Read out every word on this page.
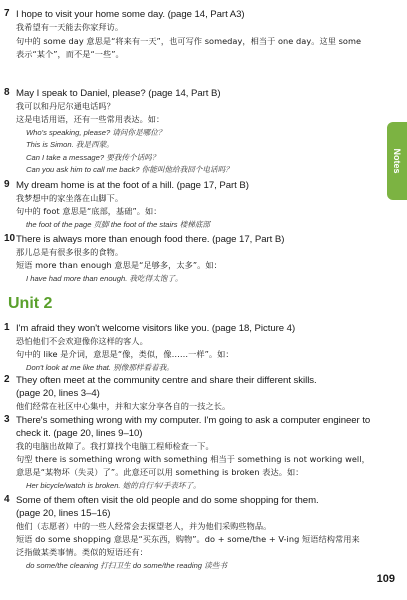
7 I hope to visit your home some day. (page 14, Part A3)
我希望有一天能去你家拜访。
句中的 some day 意思是“将来有一天”，也可写作 someday，相当于 one day。这里 some
表示“某个”，而不是“一些”。
8 May I speak to Daniel, please? (page 14, Part B)
我可以和丹尼尔通电话吗？
这是电话用语，还有一些常用表达。如：
Who's speaking, please? 请问你是哪位？
This is Simon. 我是西蒙。
Can I take a message? 要我传个话吗？
Can you ask him to call me back? 你能叫他给我回个电话吗？
9 My dream home is at the foot of a hill. (page 17, Part B)
我梦想中的家坐落在山脚下。
句中的 foot 意思是“底部，基础”。如：
the foot of the page 页脚 the foot of the stairs 楼梯底部
10 There is always more than enough food there. (page 17, Part B)
那儿总是有很多很多的食物。
短语 more than enough 意思是“足够多，太多”。如：
I have had more than enough. 我吃得太饱了。
Unit 2
1 I'm afraid they won't welcome visitors like you. (page 18, Picture 4)
恐怕他们不会欢迎像你这样的客人。
句中的 like 是介词，意思是“像，类似，像……一样”。如：
Don't look at me like that. 别像那样看着我。
2 They often meet at the community centre and share their different skills.
(page 20, lines 3–4)
他们经常在社区中心集中，并和大家分享各自的一技之长。
3 There's something wrong with my computer. I'm going to ask a computer engineer to
check it. (page 20, lines 9–10)
我的电脑出故障了。我打算找个电脑工程师检查一下。
句型 there is something wrong with something 相当于 something is not working well，
意思是“某物坏（失灵）了”。此意还可以用 something is broken 表达。如：
Her bicycle/watch is broken. 她的自行车/手表坏了。
4 Some of them often visit the old people and do some shopping for them.
(page 20, lines 15–16)
他们（志愿者）中的一些人经常会去探望老人，并为他们采购些物品。
短语 do some shopping 意思是“买东西，购物”。do + some/the + V-ing 短语结构常用来
泛指做某类事情。类似的短语还有：
do some/the cleaning 打扫卫生 do some/the reading 读些书
Notes
109
